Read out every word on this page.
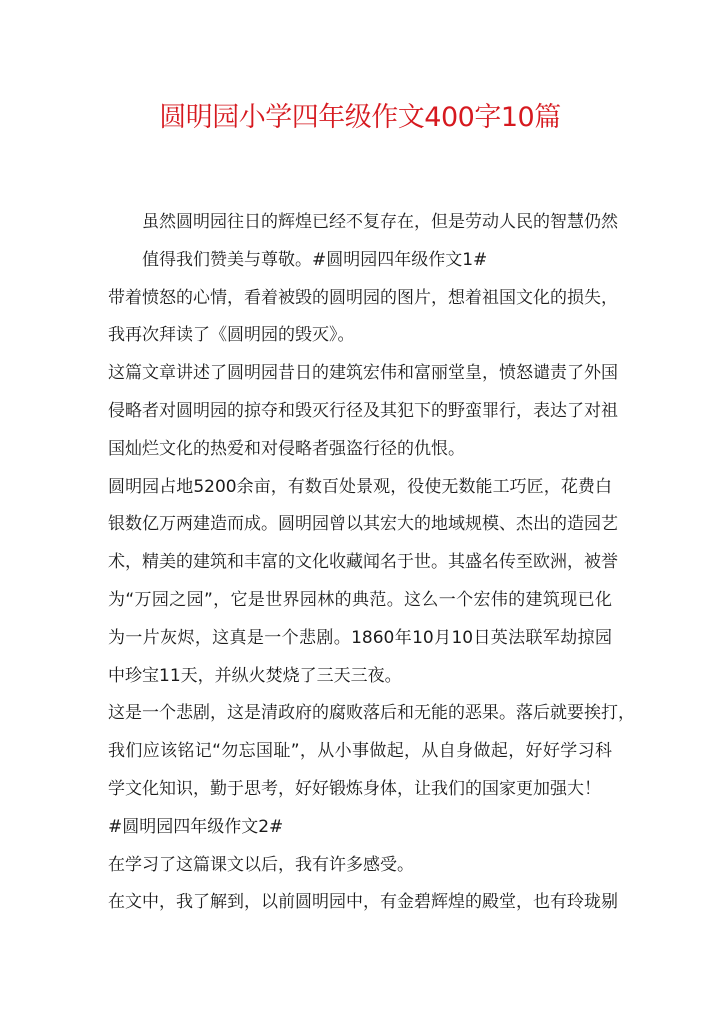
圆明园小学四年级作文400字10篇

虽然圆明园往日的辉煌已经不复存在，但是劳动人民的智慧仍然
值得我们赞美与尊敬。#圆明园四年级作文1#

带着愤怒的心情，看着被毁的圆明园的图片，想着祖国文化的损失，
我再次拜读了《圆明园的毁灭》。

这篇文章讲述了圆明园昔日的建筑宏伟和富丽堂皇，愤怒谴责了外国
侵略者对圆明园的掠夺和毁灭行径及其犯下的野蛮罪行，表达了对祖
国灿烂文化的热爱和对侵略者强盗行径的仇恨。

圆明园占地5200余亩，有数百处景观，役使无数能工巧匠，花费白
银数亿万两建造而成。圆明园曾以其宏大的地域规模、杰出的造园艺
术，精美的建筑和丰富的文化收藏闻名于世。其盛名传至欧洲，被誉
为“万园之园”，它是世界园林的典范。这么一个宏伟的建筑现已化
为一片灰烬，这真是一个悲剧。1860年10月10日英法联军劫掠园
中珍宝11天，并纵火焚烧了三天三夜。

这是一个悲剧，这是清政府的腐败落后和无能的恶果。落后就要挨打，
我们应该铭记“勿忘国耻”，从小事做起，从自身做起，好好学习科
学文化知识，勤于思考，好好锻炼身体，让我们的国家更加强大！

#圆明园四年级作文2#

在学习了这篇课文以后，我有许多感受。

在文中，我了解到，以前圆明园中，有金碧辉煌的殿堂，也有玲珑剔
